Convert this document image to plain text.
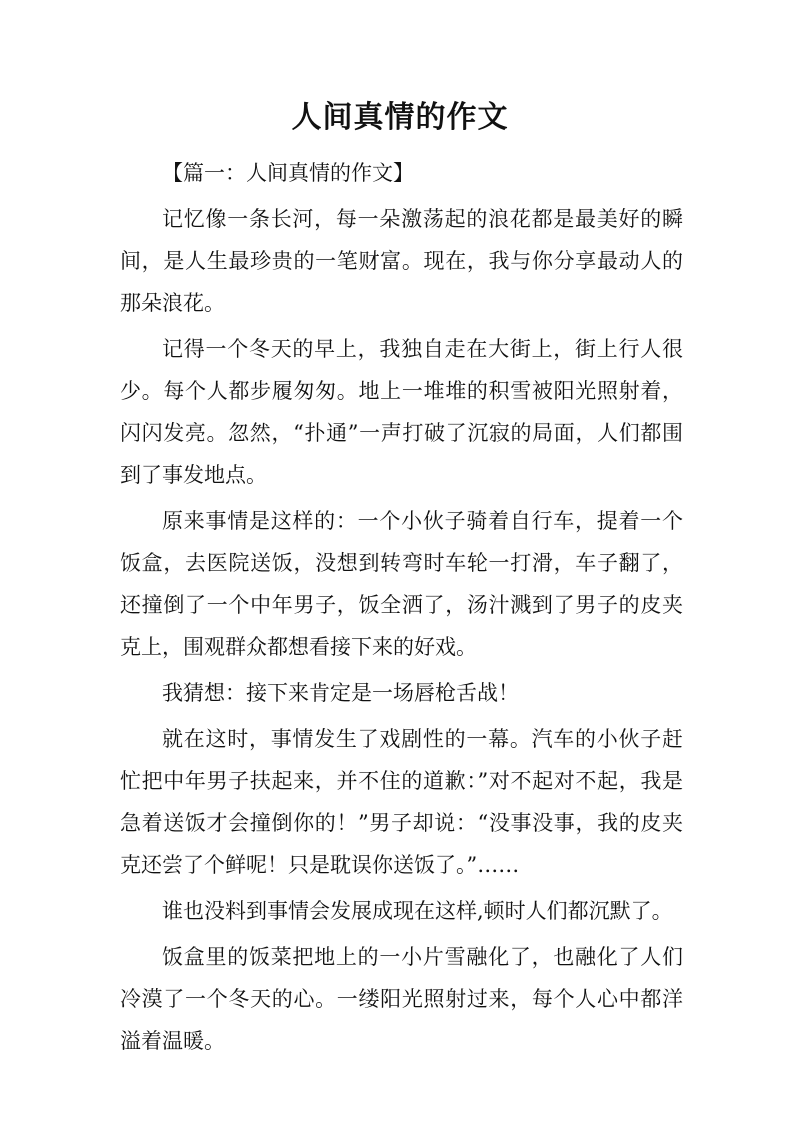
人间真情的作文

【篇一：人间真情的作文】

记忆像一条长河，每一朵激荡起的浪花都是最美好的瞬间，是人生最珍贵的一笔财富。现在，我与你分享最动人的那朵浪花。

记得一个冬天的早上，我独自走在大街上，街上行人很少。每个人都步履匆匆。地上一堆堆的积雪被阳光照射着，闪闪发亮。忽然，“扑通”一声打破了沉寂的局面，人们都围到了事发地点。

原来事情是这样的：一个小伙子骑着自行车，提着一个饭盒，去医院送饭，没想到转弯时车轮一打滑，车子翻了，还撞倒了一个中年男子，饭全洒了，汤汁溅到了男子的皮夹克上，围观群众都想看接下来的好戏。

我猜想：接下来肯定是一场唇枪舌战！

就在这时，事情发生了戏剧性的一幕。汽车的小伙子赶忙把中年男子扶起来，并不住的道歉：”对不起对不起，我是急着送饭才会撞倒你的！”男子却说：“没事没事，我的皮夹克还尝了个鲜呢！只是耽误你送饭了。”……

谁也没料到事情会发展成现在这样,顿时人们都沉默了。

饭盒里的饭菜把地上的一小片雪融化了，也融化了人们冷漠了一个冬天的心。一缕阳光照射过来，每个人心中都洋溢着温暖。
